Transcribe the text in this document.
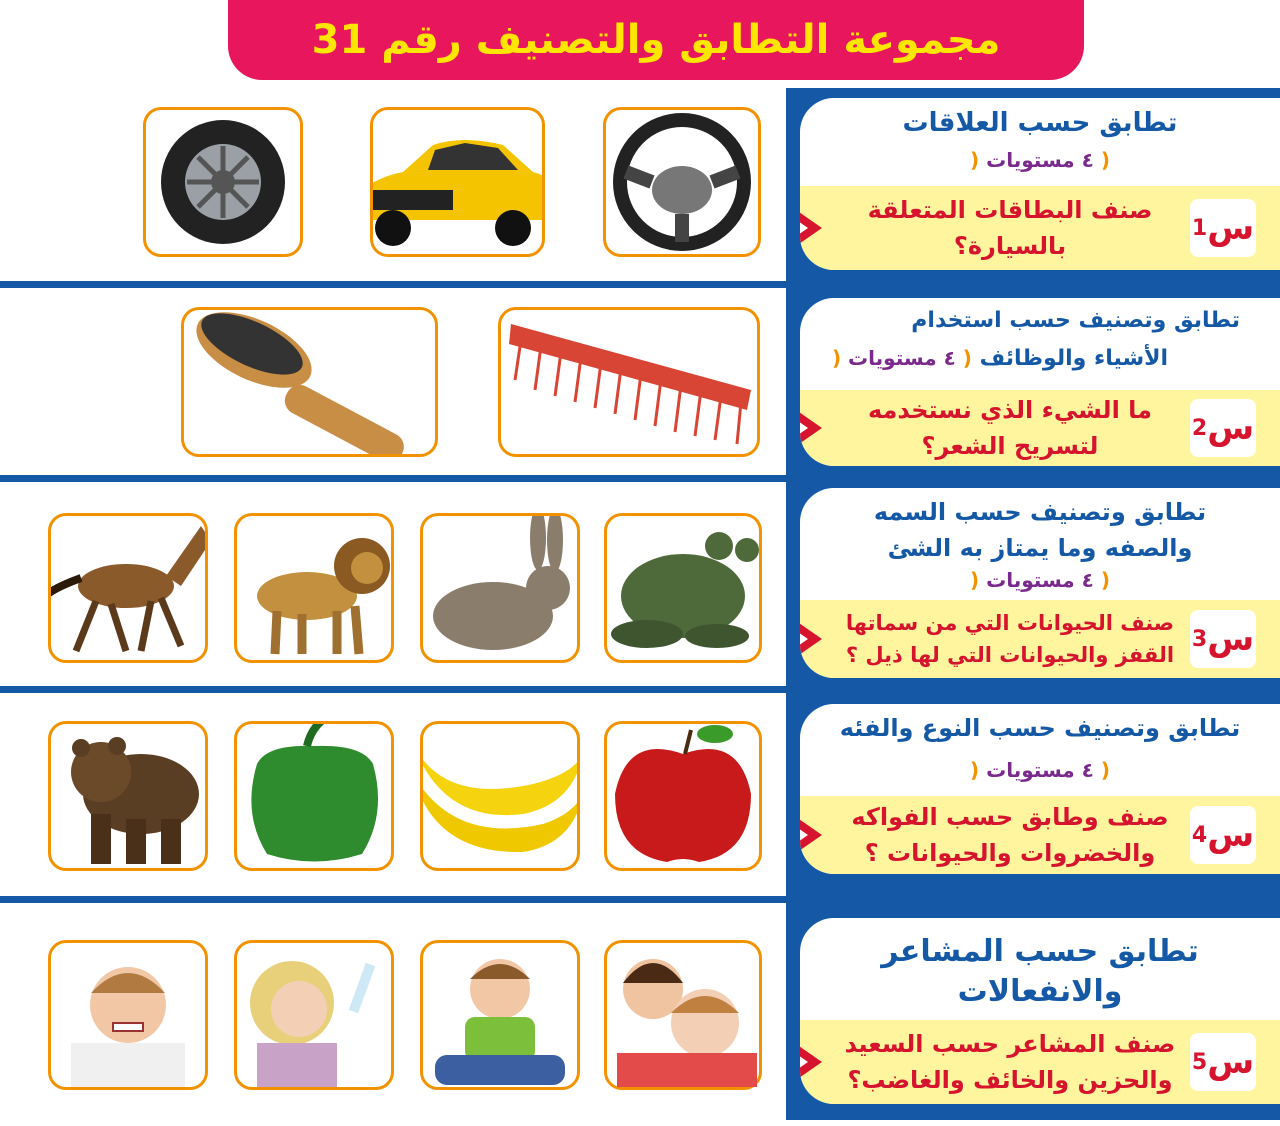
مجموعة التطابق والتصنيف رقم 31
تطابق حسب العلاقات
( ٤ مستويات (
صنف البطاقات المتعلقة بالسيارة؟	س
1
تطابق وتصنيف حسب استخدام
الأشياء والوظائف ( ٤ مستويات (
ما الشيء الذي نستخدمه لتسريح الشعر؟	س
2
تطابق وتصنيف حسب السمه والصفه وما يمتاز به الشئ
( ٤ مستويات (
صنف الحيوانات التي من سماتها القفز والحيوانات التي لها ذيل ؟ س
3
تطابق وتصنيف حسب النوع والفئه
( ٤ مستويات (
صنف وطابق حسب الفواكه والخضروات والحيوانات ؟	س
4
تطابق حسب المشاعر والانفعالات
صنف المشاعر حسب السعيد والحزين والخائف والغاضب؟	س
5
